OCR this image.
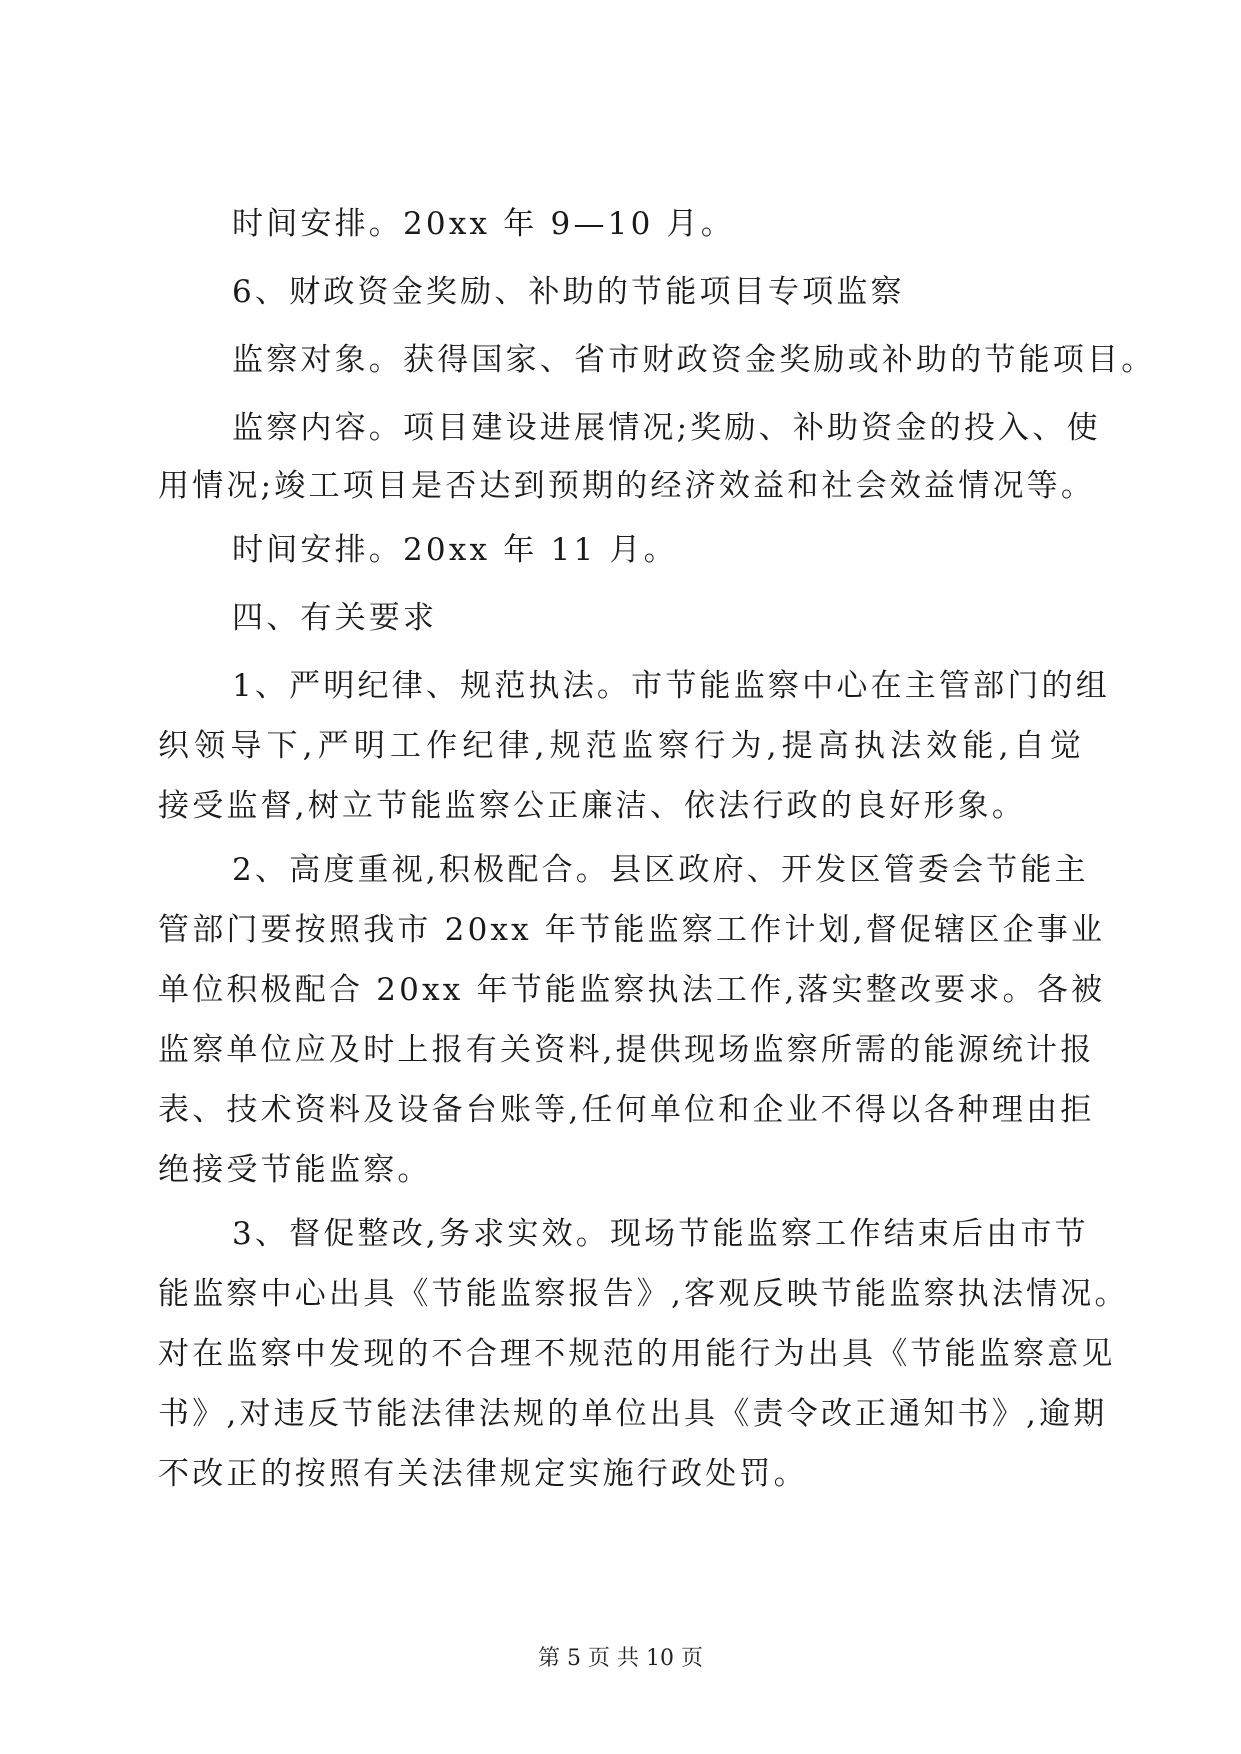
时间安排。20xx 年 9—10 月。
6、财政资金奖励、补助的节能项目专项监察
监察对象。获得国家、省市财政资金奖励或补助的节能项目。
监察内容。项目建设进展情况;奖励、补助资金的投入、使
用情况;竣工项目是否达到预期的经济效益和社会效益情况等。
时间安排。20xx 年 11 月。
四、有关要求
1、严明纪律、规范执法。市节能监察中心在主管部门的组
织领导下,严明工作纪律,规范监察行为,提高执法效能,自觉
接受监督,树立节能监察公正廉洁、依法行政的良好形象。
2、高度重视,积极配合。县区政府、开发区管委会节能主
管部门要按照我市 20xx 年节能监察工作计划,督促辖区企事业
单位积极配合 20xx 年节能监察执法工作,落实整改要求。各被
监察单位应及时上报有关资料,提供现场监察所需的能源统计报
表、技术资料及设备台账等,任何单位和企业不得以各种理由拒
绝接受节能监察。
3、督促整改,务求实效。现场节能监察工作结束后由市节
能监察中心出具《节能监察报告》,客观反映节能监察执法情况。
对在监察中发现的不合理不规范的用能行为出具《节能监察意见
书》,对违反节能法律法规的单位出具《责令改正通知书》,逾期
不改正的按照有关法律规定实施行政处罚。
第 5 页 共 10 页
